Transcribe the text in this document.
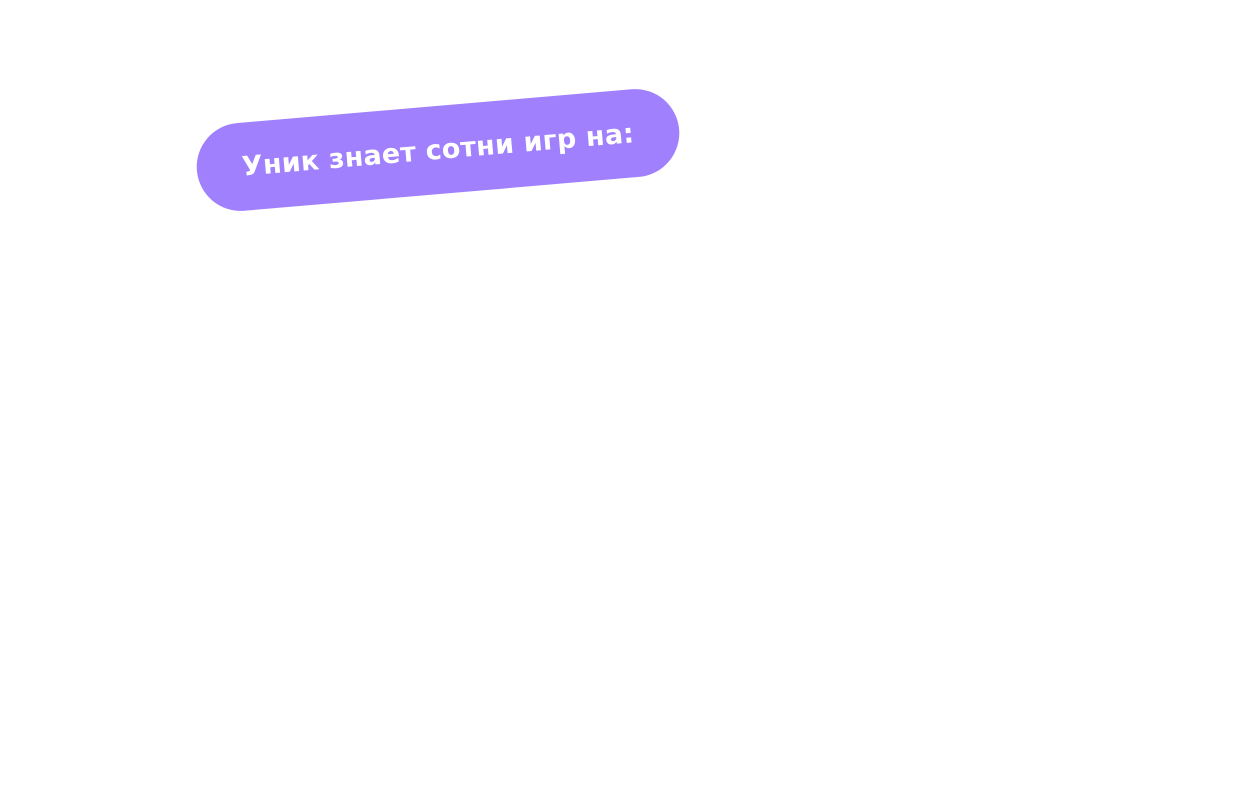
Уник знает сотни игр на:
